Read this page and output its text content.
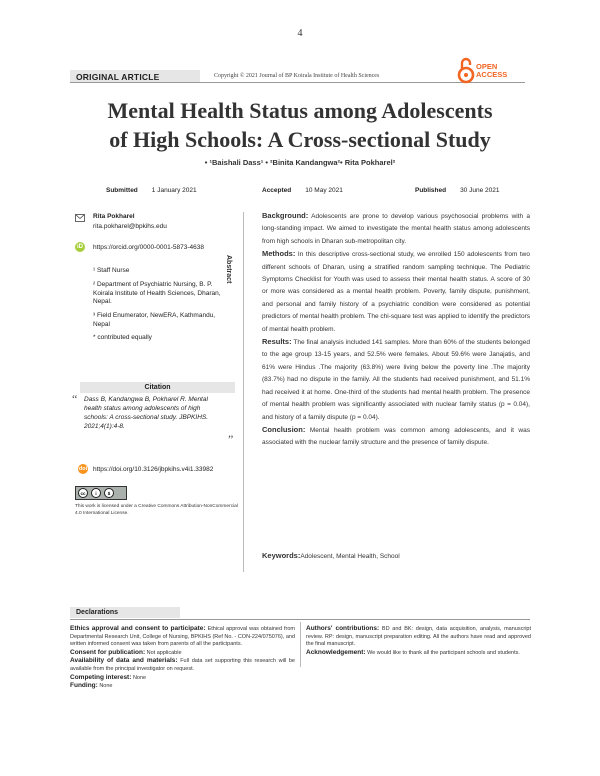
4
ORIGINAL ARTICLE	Copyright © 2021 Journal of BP Koirala Institute of Health Sciences
OPEN
ACCESS
Mental Health Status among Adolescents
of High Schools: A Cross-sectional Study
• ¹Baishali Dass¹ • ²Binita Kandangwa²• Rita Pokharel²
Submitted 1 January 2021	Accepted 10 May 2021	Published 30 June 2021
Rita Pokharel
rita.pokharel@bpkihs.edu
iD	https://orcid.org/0000-0001-5873-4638
¹ Staff Nurse
² Department of Psychiatric Nursing, B. P. Koirala Institute of Health Sciences, Dharan, Nepal.
³ Field Enumerator, NewERA, Kathmandu, Nepal
* contributed equally
Citation
“ Dass B, Kandangwa B, Pokharel R. Mental health status among adolescents of high schools: A cross-sectional study. JBPKIHS. 2021;4(1):4-8.
”
doi https://doi.org/10.3126/jbpkihs.v4i1.33982
cc	i	$
This work is licensed under a Creative Commons Attribution-NonCommercial 4.0 International License.
Abstract

Background: Adolescents are prone to develop various psychosocial problems with a long-standing impact. We aimed to investigate the mental health status among adolescents from high schools in Dharan sub-metropolitan city.

Methods: In this descriptive cross-sectional study, we enrolled 150 adolescents from two different schools of Dharan, using a stratified random sampling technique. The Pediatric Symptoms Checklist for Youth was used to assess their mental health status. A score of 30 or more was considered as a mental health problem. Poverty, family dispute, punishment, and personal and family history of a psychiatric condition were considered as potential predictors of mental health problem. The chi-square test was applied to identify the predictors of mental health problem.

Results: The final analysis included 141 samples. More than 60% of the students belonged to the age group 13-15 years, and 52.5% were females. About 59.6% were Janajatis, and 61% were Hindus .The majority (63.8%) were living below the poverty line .The majority (83.7%) had no dispute in the family. All the students had received punishment, and 51.1% had received it at home. One-third of the students had mental health problem. The presence of mental health problem was significantly associated with nuclear family status (p = 0.04), and history of a family dispute (p = 0.04).

Conclusion: Mental health problem was common among adolescents, and it was associated with the nuclear family structure and the presence of family dispute.

Keywords:Adolescent, Mental Health, School
Declarations
Ethics approval and consent to participate: Ethical approval was obtained from Departmental Research Unit, College of Nursing, BPKIHS (Ref No. - CON-224/075076), and written informed consent was taken from parents of all the participants.
Consent for publication: Not applicable
Availability of data and materials: Full data set supporting this research will be available from the principal investigator on request.
Competing interest: None
Funding: None
Authors' contributions: BD and BK: design, data acquisition, analysis, manuscript review. RP: design, manuscript preparation editing. All the authors have read and approved the final manuscript.
Acknowledgement: We would like to thank all the participant schools and students.
